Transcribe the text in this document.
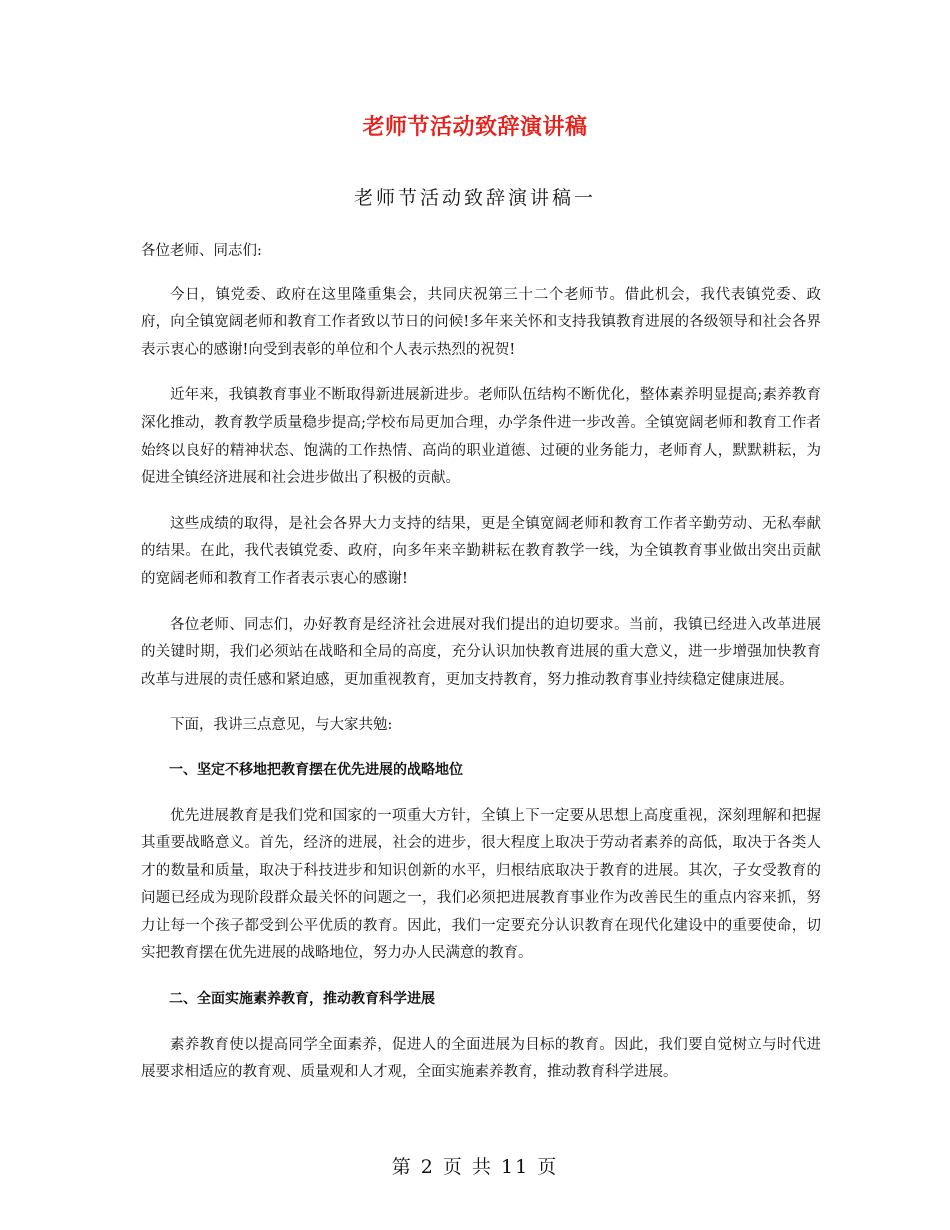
老师节活动致辞演讲稿
老师节活动致辞演讲稿一

各位老师、同志们:

今日，镇党委、政府在这里隆重集会，共同庆祝第三十二个老师节。借此机会，我代表镇党委、政府，向全镇宽阔老师和教育工作者致以节日的问候!多年来关怀和支持我镇教育进展的各级领导和社会各界表示衷心的感谢!向受到表彰的单位和个人表示热烈的祝贺!

近年来，我镇教育事业不断取得新进展新进步。老师队伍结构不断优化，整体素养明显提高;素养教育深化推动，教育教学质量稳步提高;学校布局更加合理，办学条件进一步改善。全镇宽阔老师和教育工作者始终以良好的精神状态、饱满的工作热情、高尚的职业道德、过硬的业务能力，老师育人，默默耕耘，为促进全镇经济进展和社会进步做出了积极的贡献。

这些成绩的取得，是社会各界大力支持的结果，更是全镇宽阔老师和教育工作者辛勤劳动、无私奉献的结果。在此，我代表镇党委、政府，向多年来辛勤耕耘在教育教学一线，为全镇教育事业做出突出贡献的宽阔老师和教育工作者表示衷心的感谢!

各位老师、同志们，办好教育是经济社会进展对我们提出的迫切要求。当前，我镇已经进入改革进展的关键时期，我们必须站在战略和全局的高度，充分认识加快教育进展的重大意义，进一步增强加快教育改革与进展的责任感和紧迫感，更加重视教育，更加支持教育，努力推动教育事业持续稳定健康进展。

下面，我讲三点意见，与大家共勉:

一、坚定不移地把教育摆在优先进展的战略地位

优先进展教育是我们党和国家的一项重大方针，全镇上下一定要从思想上高度重视，深刻理解和把握其重要战略意义。首先，经济的进展，社会的进步，很大程度上取决于劳动者素养的高低，取决于各类人才的数量和质量，取决于科技进步和知识创新的水平，归根结底取决于教育的进展。其次，子女受教育的问题已经成为现阶段群众最关怀的问题之一，我们必须把进展教育事业作为改善民生的重点内容来抓，努力让每一个孩子都受到公平优质的教育。因此，我们一定要充分认识教育在现代化建设中的重要使命，切实把教育摆在优先进展的战略地位，努力办人民满意的教育。

二、全面实施素养教育，推动教育科学进展

素养教育使以提高同学全面素养，促进人的全面进展为目标的教育。因此，我们要自觉树立与时代进展要求相适应的教育观、质量观和人才观，全面实施素养教育，推动教育科学进展。

第 2 页 共 11 页
